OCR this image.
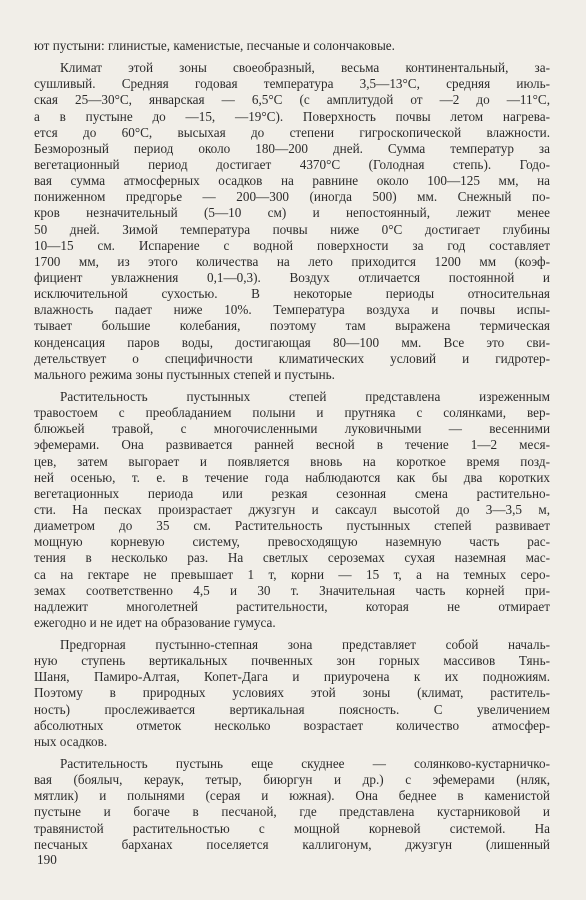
ют пустыни: глинистые, каменистые, песчаные и солончаковые.
Климат этой зоны своеобразный, весьма континентальный, за-
сушливый. Средняя годовая температура 3,5—13°С, средняя июль-
ская 25—30°С, январская — 6,5°С (с амплитудой от —2 до —11°С,
а в пустыне до —15, —19°С). Поверхность почвы летом нагрева-
ется до 60°С, высыхая до степени гигроскопической влажности.
Безморозный период около 180—200 дней. Сумма температур за
вегетационный период достигает 4370°С (Голодная степь). Годо-
вая сумма атмосферных осадков на равнине около 100—125 мм, на
пониженном предгорье — 200—300 (иногда 500) мм. Снежный по-
кров незначительный (5—10 см) и непостоянный, лежит менее
50 дней. Зимой температура почвы ниже 0°С достигает глубины
10—15 см. Испарение с водной поверхности за год составляет
1700 мм, из этого количества на лето приходится 1200 мм (коэф-
фициент увлажнения 0,1—0,3). Воздух отличается постоянной и
исключительной сухостью. В некоторые периоды относительная
влажность падает ниже 10%. Температура воздуха и почвы испы-
тывает большие колебания, поэтому там выражена термическая
конденсация паров воды, достигающая 80—100 мм. Все это сви-
детельствует о специфичности климатических условий и гидротер-
мального режима зоны пустынных степей и пустынь.
Растительность пустынных степей представлена изреженным
травостоем с преобладанием полыни и прутняка с солянками, вер-
блюжьей травой, с многочисленными луковичными — весенними
эфемерами. Она развивается ранней весной в течение 1—2 меся-
цев, затем выгорает и появляется вновь на короткое время позд-
ней осенью, т. е. в течение года наблюдаются как бы два коротких
вегетационных периода или резкая сезонная смена растительно-
сти. На песках произрастает джузгун и саксаул высотой до 3—3,5 м,
диаметром до 35 см. Растительность пустынных степей развивает
мощную корневую систему, превосходящую наземную часть рас-
тения в несколько раз. На светлых сероземах сухая наземная мас-
са на гектаре не превышает 1 т, корни — 15 т, а на темных серо-
земах соответственно 4,5 и 30 т. Значительная часть корней при-
надлежит многолетней растительности, которая не отмирает
ежегодно и не идет на образование гумуса.
Предгорная пустынно-степная зона представляет собой началь-
ную ступень вертикальных почвенных зон горных массивов Тянь-
Шаня, Памиро-Алтая, Копет-Дага и приурочена к их подножиям.
Поэтому в природных условиях этой зоны (климат, раститель-
ность) прослеживается вертикальная поясность. С увеличением
абсолютных отметок несколько возрастает количество атмосфер-
ных осадков.
Растительность пустынь еще скуднее — солянково-кустарничко-
вая (боялыч, кераук, тетыр, биюргун и др.) с эфемерами (нляк,
мятлик) и полынями (серая и южная). Она беднее в каменистой
пустыне и богаче в песчаной, где представлена кустарниковой и
травянистой растительностью с мощной корневой системой. На
песчаных барханах поселяется каллигонум, джузгун (лишенный
190
